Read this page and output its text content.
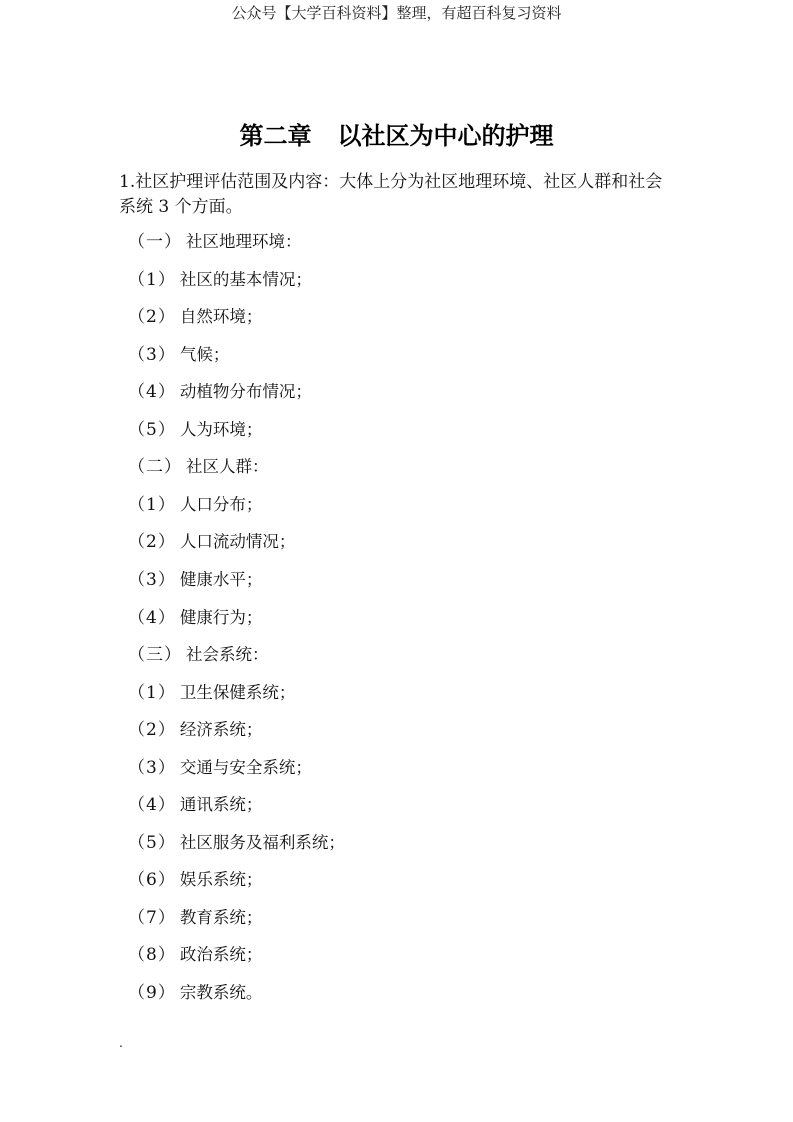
公众号【大学百科资料】整理，有超百科复习资料
第二章 以社区为中心的护理
1.社区护理评估范围及内容：大体上分为社区地理环境、社区人群和社会系统 3 个方面。
（一） 社区地理环境：
（1） 社区的基本情况；
（2） 自然环境；
（3） 气候；
（4） 动植物分布情况；
（5） 人为环境；
（二） 社区人群：
（1） 人口分布；
（2） 人口流动情况；
（3） 健康水平；
（4） 健康行为；
（三） 社会系统：
（1） 卫生保健系统；
（2） 经济系统；
（3） 交通与安全系统；
（4） 通讯系统；
（5） 社区服务及福利系统；
（6） 娱乐系统；
（7） 教育系统；
（8） 政治系统；
（9） 宗教系统。
.
